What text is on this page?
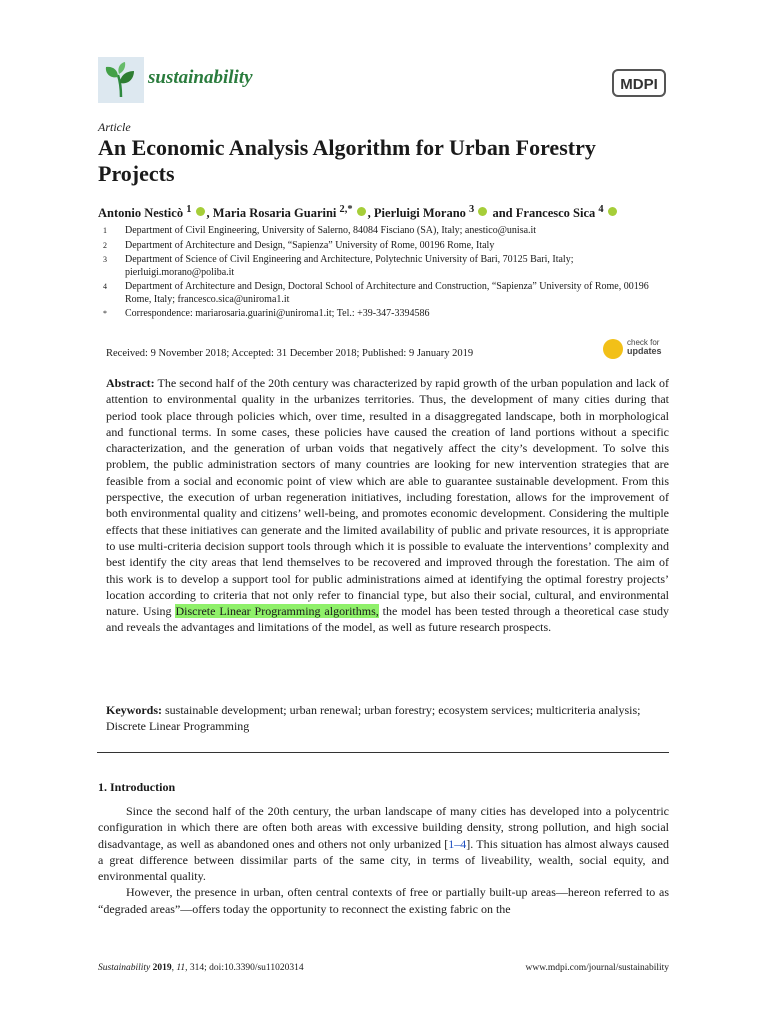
sustainability	MDPI
Article
An Economic Analysis Algorithm for Urban Forestry Projects
Antonio Nesticò $^1$ , Maria Rosaria Guarini $^{2,*}$ , Pierluigi Morano $^3$  and Francesco Sica $^4$
1	Department of Civil Engineering, University of Salerno, 84084 Fisciano (SA), Italy; anestico@unisa.it
2	Department of Architecture and Design, “Sapienza” University of Rome, 00196 Rome, Italy
3	Department of Science of Civil Engineering and Architecture, Polytechnic University of Bari, 70125 Bari, Italy; pierluigi.morano@poliba.it
4	Department of Architecture and Design, Doctoral School of Architecture and Construction, “Sapienza” University of Rome, 00196 Rome, Italy; francesco.sica@uniroma1.it
*	Correspondence: mariarosaria.guarini@uniroma1.it; Tel.: +39-347-3394586
Received: 9 November 2018; Accepted: 31 December 2018; Published: 9 January 2019
check for
updates
Abstract: The second half of the 20th century was characterized by rapid growth of the urban population and lack of attention to environmental quality in the urbanizes territories. Thus, the development of many cities during that period took place through policies which, over time, resulted in a disaggregated landscape, both in morphological and functional terms. In some cases, these policies have caused the creation of land portions without a specific characterization, and the generation of urban voids that negatively affect the city’s development. To solve this problem, the public administration sectors of many countries are looking for new intervention strategies that are feasible from a social and economic point of view which are able to guarantee sustainable development. From this perspective, the execution of urban regeneration initiatives, including forestation, allows for the improvement of both environmental quality and citizens’ well-being, and promotes economic development. Considering the multiple effects that these initiatives can generate and the limited availability of public and private resources, it is appropriate to use multi-criteria decision support tools through which it is possible to evaluate the interventions’ complexity and best identify the city areas that lend themselves to be recovered and improved through the forestation. The aim of this work is to develop a support tool for public administrations aimed at identifying the optimal forestry projects’ location according to criteria that not only refer to financial type, but also their social, cultural, and environmental nature. Using Discrete Linear Programming algorithms, the model has been tested through a theoretical case study and reveals the advantages and limitations of the model, as well as future research prospects.
Keywords: sustainable development; urban renewal; urban forestry; ecosystem services; multicriteria analysis; Discrete Linear Programming
1. Introduction

Since the second half of the 20th century, the urban landscape of many cities has developed into a polycentric configuration in which there are often both areas with excessive building density, strong pollution, and high social disadvantage, as well as abandoned ones and others not only urbanized [1–4]. This situation has almost always caused a great difference between dissimilar parts of the same city, in terms of liveability, wealth, social equity, and environmental quality.

However, the presence in urban, often central contexts of free or partially built-up areas—hereon referred to as “degraded areas”—offers today the opportunity to reconnect the existing fabric on the

Sustainability 2019, 11, 314; doi:10.3390/su11020314	www.mdpi.com/journal/sustainability
